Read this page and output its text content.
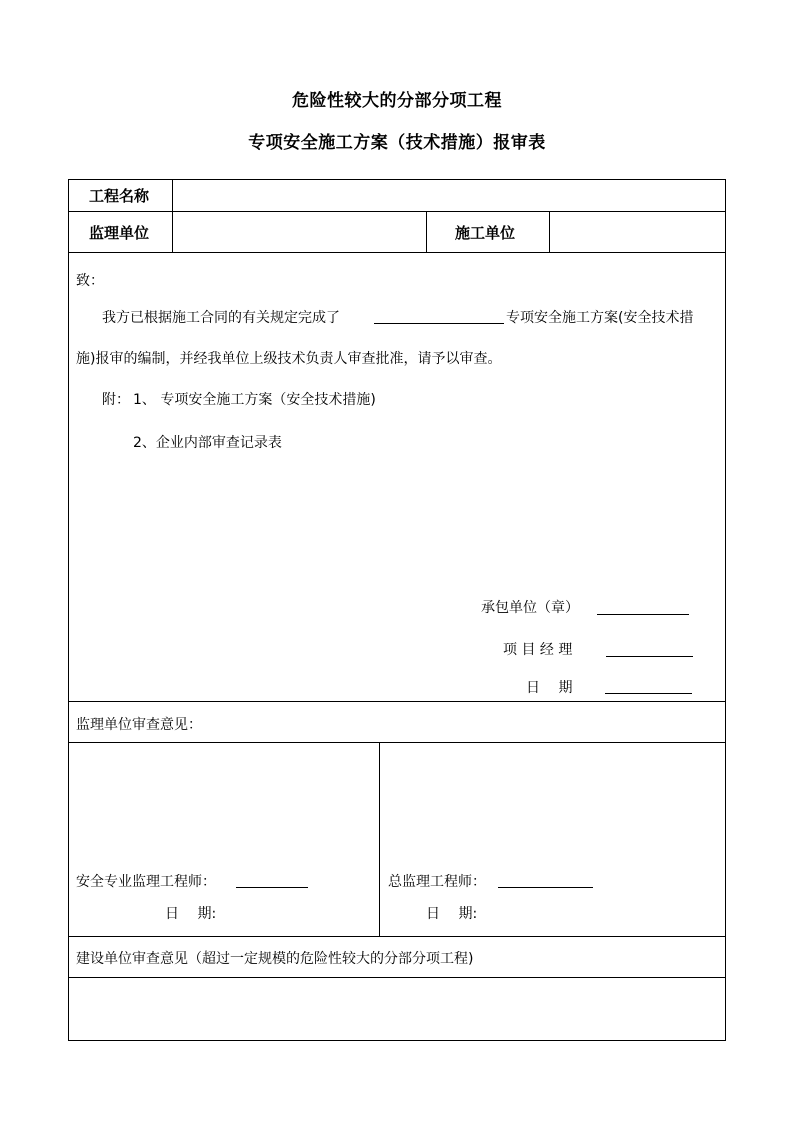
危险性较大的分部分项工程
专项安全施工方案（技术措施）报审表
工程名称
监理单位	施工单位
致：
我方已根据施工合同的有关规定完成了	专项安全施工方案(安全技术措
施)报审的编制，并经我单位上级技术负责人审查批准，请予以审查。
附： 1、 专项安全施工方案（安全技术措施)
2、企业内部审查记录表
承包单位（章）
项 目 经 理
日　 期
监理单位审查意见：
安全专业监理工程师：
日　 期:
总监理工程师：
日　 期:
建设单位审查意见（超过一定规模的危险性较大的分部分项工程)
